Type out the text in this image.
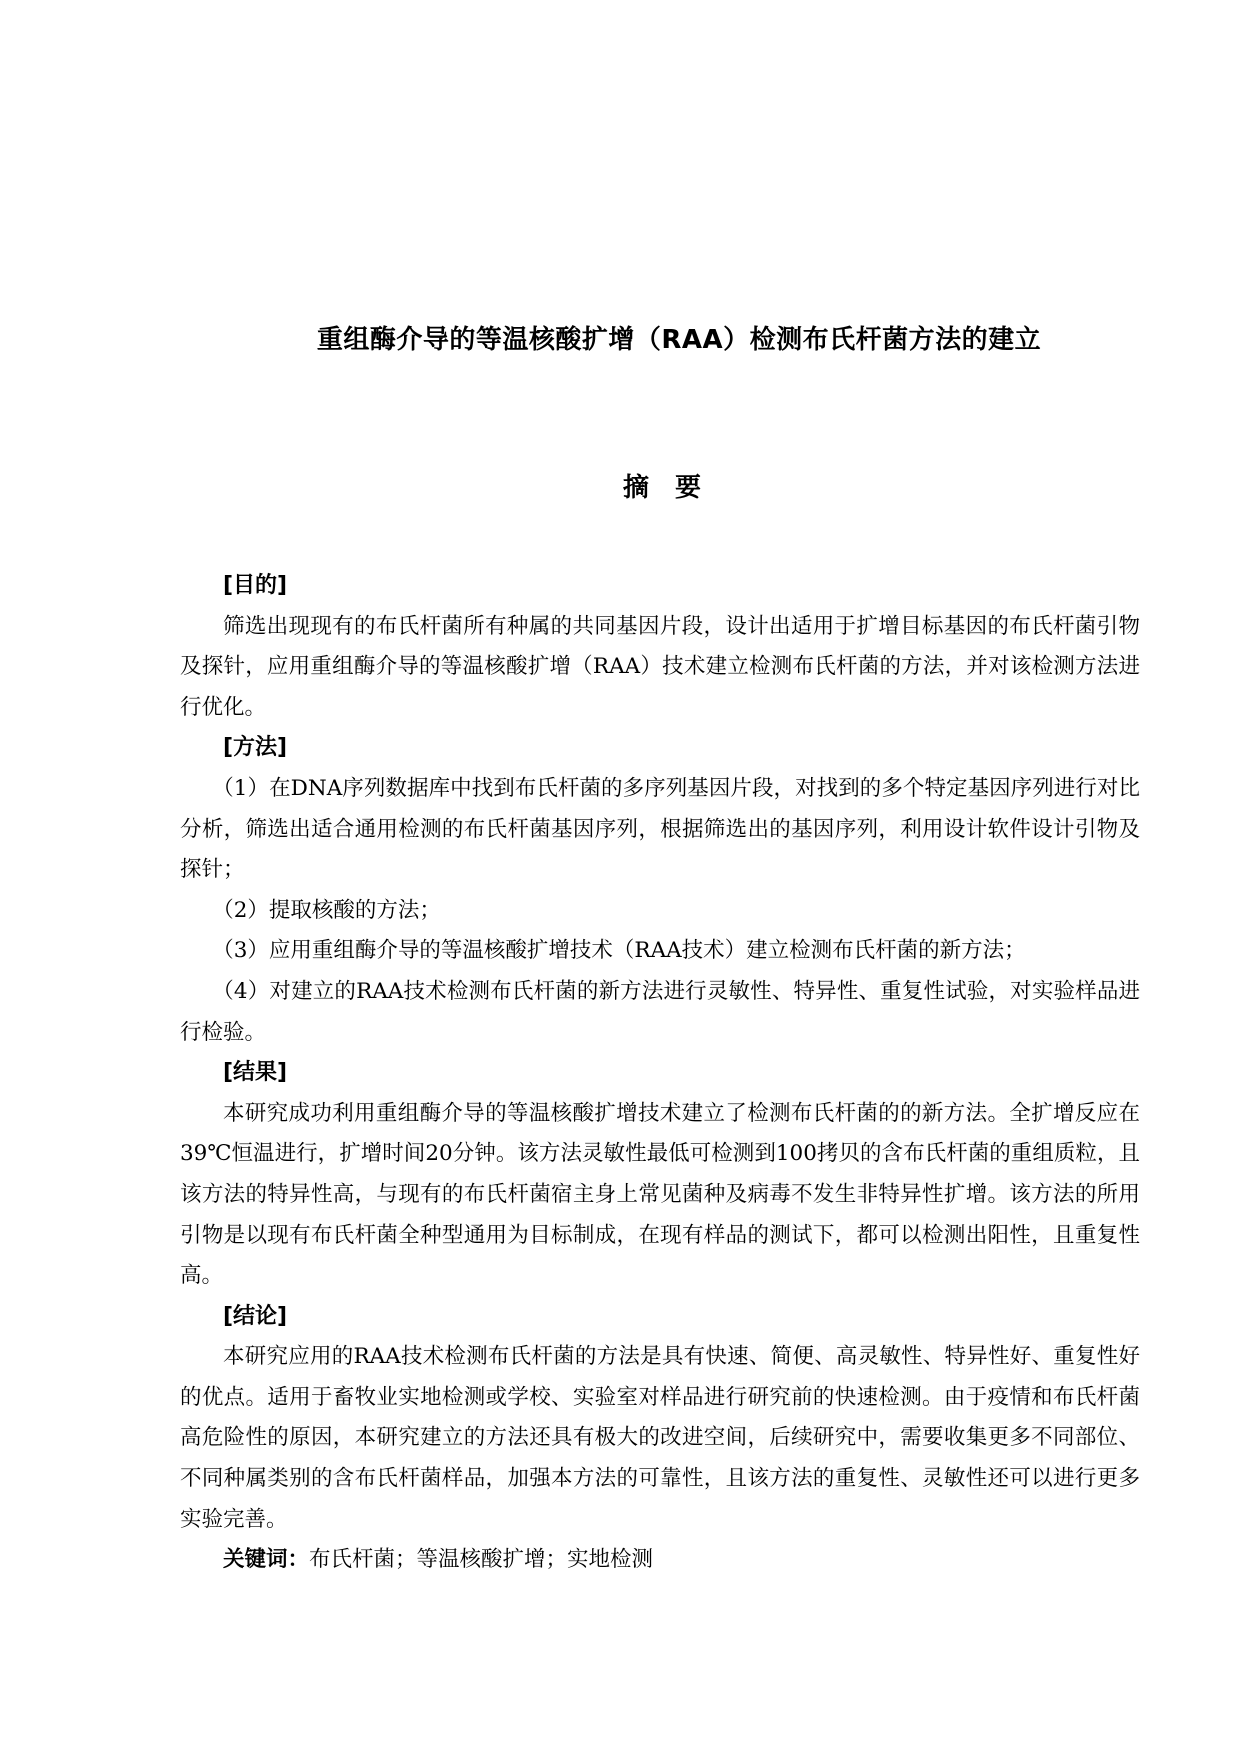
重组酶介导的等温核酸扩增（RAA）检测布氏杆菌方法的建立
摘 要

[目的]

筛选出现现有的布氏杆菌所有种属的共同基因片段，设计出适用于扩增目标基因的布氏杆菌引物及探针，应用重组酶介导的等温核酸扩增（RAA）技术建立检测布氏杆菌的方法，并对该检测方法进行优化。

[方法]

（1）在DNA序列数据库中找到布氏杆菌的多序列基因片段，对找到的多个特定基因序列进行对比分析，筛选出适合通用检测的布氏杆菌基因序列，根据筛选出的基因序列，利用设计软件设计引物及探针；

（2）提取核酸的方法；

（3）应用重组酶介导的等温核酸扩增技术（RAA技术）建立检测布氏杆菌的新方法；

（4）对建立的RAA技术检测布氏杆菌的新方法进行灵敏性、特异性、重复性试验，对实验样品进行检验。

[结果]

本研究成功利用重组酶介导的等温核酸扩增技术建立了检测布氏杆菌的的新方法。全扩增反应在39℃恒温进行，扩增时间20分钟。该方法灵敏性最低可检测到100拷贝的含布氏杆菌的重组质粒，且该方法的特异性高，与现有的布氏杆菌宿主身上常见菌种及病毒不发生非特异性扩增。该方法的所用引物是以现有布氏杆菌全种型通用为目标制成，在现有样品的测试下，都可以检测出阳性，且重复性高。

[结论]

本研究应用的RAA技术检测布氏杆菌的方法是具有快速、简便、高灵敏性、特异性好、重复性好的优点。适用于畜牧业实地检测或学校、实验室对样品进行研究前的快速检测。由于疫情和布氏杆菌高危险性的原因，本研究建立的方法还具有极大的改进空间，后续研究中，需要收集更多不同部位、不同种属类别的含布氏杆菌样品，加强本方法的可靠性，且该方法的重复性、灵敏性还可以进行更多实验完善。

关键词：布氏杆菌；等温核酸扩增；实地检测
